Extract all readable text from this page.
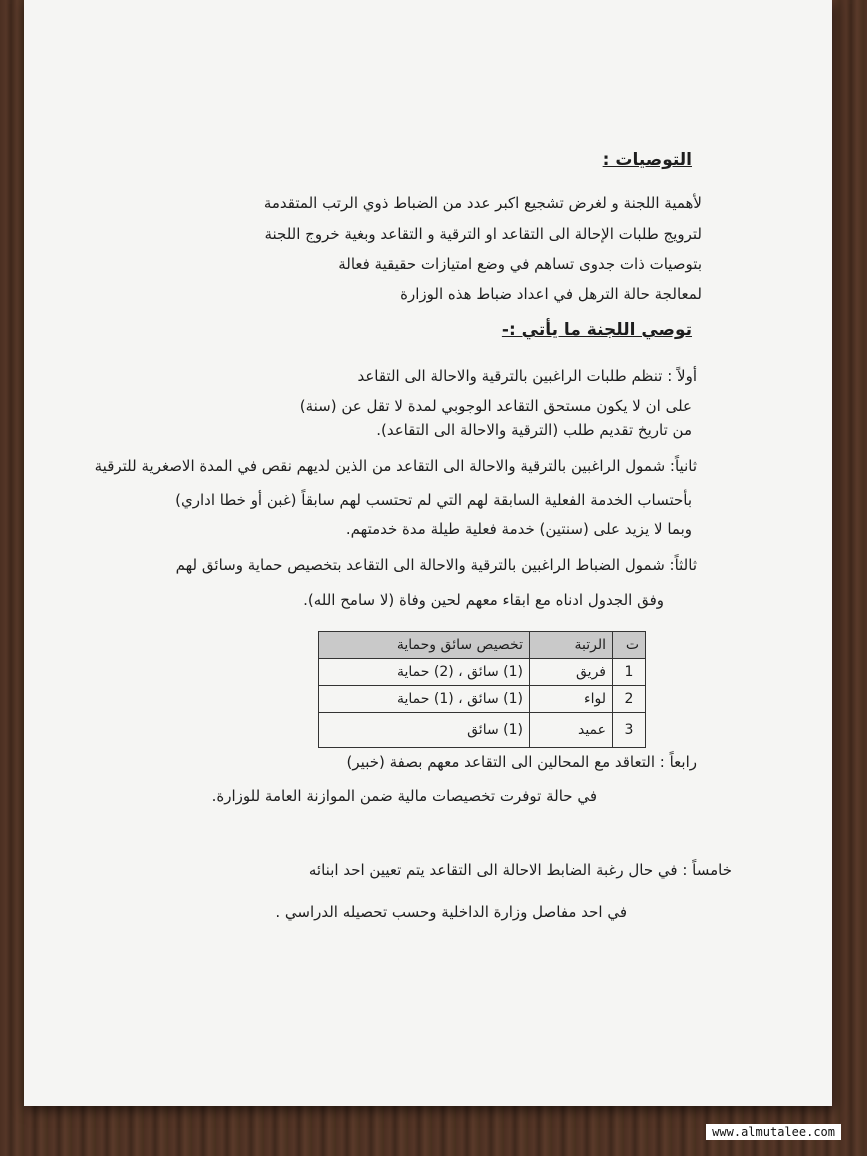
التوصيات :
لأهمية اللجنة و لغرض تشجيع اكبر عدد من الضباط ذوي الرتب المتقدمة
لترويج طلبات الإحالة الى التقاعد او الترقية و التقاعد وبغية خروج اللجنة
بتوصيات ذات جدوى تساهم في وضع امتيازات حقيقية فعالة
لمعالجة حالة الترهل في اعداد ضباط هذه الوزارة
توصي اللجنة ما يأتي :-
أولاً : تنظم طلبات الراغبين بالترقية والاحالة الى التقاعد
على ان لا يكون مستحق التقاعد الوجوبي لمدة لا تقل عن (سنة)
من تاريخ تقديم طلب (الترقية والاحالة الى التقاعد).
ثانياً: شمول الراغبين بالترقية والاحالة الى التقاعد من الذين لديهم نقص في المدة الاصغرية للترقية
بأحتساب الخدمة الفعلية السابقة لهم التي لم تحتسب لهم سابقاً (غبن أو خطا اداري)
وبما لا يزيد على (سنتين) خدمة فعلية طيلة مدة خدمتهم.
ثالثاً: شمول الضباط الراغبين بالترقية والاحالة الى التقاعد بتخصيص حماية وسائق لهم
وفق الجدول ادناه مع ابقاء معهم لحين وفاة (لا سامح الله).
رابعاً : التعاقد مع المحالين الى التقاعد معهم بصفة (خبير)
في حالة توفرت تخصيصات مالية ضمن الموازنة العامة للوزارة.
خامساً : في حال رغبة الضابط الاحالة الى التقاعد يتم تعيين احد ابنائه
في احد مفاصل وزارة الداخلية وحسب تحصيله الدراسي .
ت	الرتبة	تخصيص سائق وحماية
1	فريق	(1) سائق ، (2) حماية
2	لواء	(1) سائق ، (1) حماية
3	عميد	(1) سائق
www.almutalee.com
